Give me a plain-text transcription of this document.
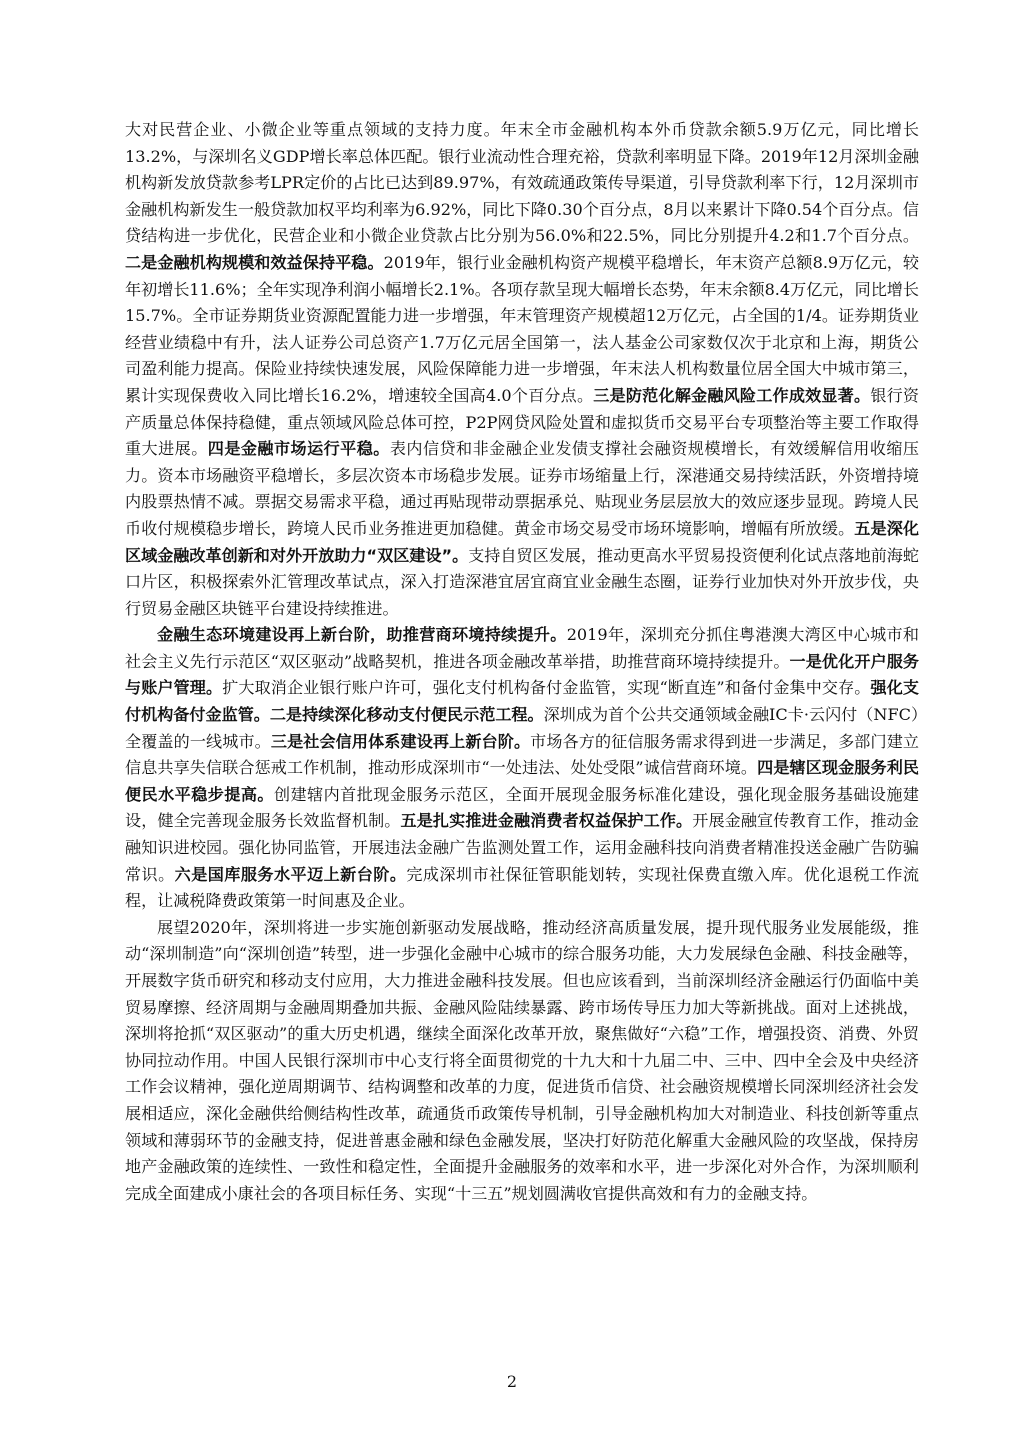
大对民营企业、小微企业等重点领域的支持力度。年末全市金融机构本外币贷款余额5.9万亿元，同比增长13.2%，与深圳名义GDP增长率总体匹配。银行业流动性合理充裕，贷款利率明显下降。2019年12月深圳金融机构新发放贷款参考LPR定价的占比已达到89.97%，有效疏通政策传导渠道，引导贷款利率下行，12月深圳市金融机构新发生一般贷款加权平均利率为6.92%，同比下降0.30个百分点，8月以来累计下降0.54个百分点。信贷结构进一步优化，民营企业和小微企业贷款占比分别为56.0%和22.5%，同比分别提升4.2和1.7个百分点。二是金融机构规模和效益保持平稳。2019年，银行业金融机构资产规模平稳增长，年末资产总额8.9万亿元，较年初增长11.6%；全年实现净利润小幅增长2.1%。各项存款呈现大幅增长态势，年末余额8.4万亿元，同比增长15.7%。全市证券期货业资源配置能力进一步增强，年末管理资产规模超12万亿元，占全国的1/4。证券期货业经营业绩稳中有升，法人证券公司总资产1.7万亿元居全国第一，法人基金公司家数仅次于北京和上海，期货公司盈利能力提高。保险业持续快速发展，风险保障能力进一步增强，年末法人机构数量位居全国大中城市第三，累计实现保费收入同比增长16.2%，增速较全国高4.0个百分点。三是防范化解金融风险工作成效显著。银行资产质量总体保持稳健，重点领域风险总体可控，P2P网贷风险处置和虚拟货币交易平台专项整治等主要工作取得重大进展。四是金融市场运行平稳。表内信贷和非金融企业发债支撑社会融资规模增长，有效缓解信用收缩压力。资本市场融资平稳增长，多层次资本市场稳步发展。证券市场缩量上行，深港通交易持续活跃，外资增持境内股票热情不减。票据交易需求平稳，通过再贴现带动票据承兑、贴现业务层层放大的效应逐步显现。跨境人民币收付规模稳步增长，跨境人民币业务推进更加稳健。黄金市场交易受市场环境影响，增幅有所放缓。五是深化区域金融改革创新和对外开放助力“双区建设”。支持自贸区发展，推动更高水平贸易投资便利化试点落地前海蛇口片区，积极探索外汇管理改革试点，深入打造深港宜居宜商宜业金融生态圈，证券行业加快对外开放步伐，央行贸易金融区块链平台建设持续推进。

金融生态环境建设再上新台阶，助推营商环境持续提升。2019年，深圳充分抓住粤港澳大湾区中心城市和社会主义先行示范区“双区驱动”战略契机，推进各项金融改革举措，助推营商环境持续提升。一是优化开户服务与账户管理。扩大取消企业银行账户许可，强化支付机构备付金监管，实现“断直连”和备付金集中交存。强化支付机构备付金监管。二是持续深化移动支付便民示范工程。深圳成为首个公共交通领域金融IC卡·云闪付（NFC）全覆盖的一线城市。三是社会信用体系建设再上新台阶。市场各方的征信服务需求得到进一步满足，多部门建立信息共享失信联合惩戒工作机制，推动形成深圳市“一处违法、处处受限”诚信营商环境。四是辖区现金服务利民便民水平稳步提高。创建辖内首批现金服务示范区，全面开展现金服务标准化建设，强化现金服务基础设施建设，健全完善现金服务长效监督机制。五是扎实推进金融消费者权益保护工作。开展金融宣传教育工作，推动金融知识进校园。强化协同监管，开展违法金融广告监测处置工作，运用金融科技向消费者精准投送金融广告防骗常识。六是国库服务水平迈上新台阶。完成深圳市社保征管职能划转，实现社保费直缴入库。优化退税工作流程，让减税降费政策第一时间惠及企业。

展望2020年，深圳将进一步实施创新驱动发展战略，推动经济高质量发展，提升现代服务业发展能级，推动“深圳制造”向“深圳创造”转型，进一步强化金融中心城市的综合服务功能，大力发展绿色金融、科技金融等，开展数字货币研究和移动支付应用，大力推进金融科技发展。但也应该看到，当前深圳经济金融运行仍面临中美贸易摩擦、经济周期与金融周期叠加共振、金融风险陆续暴露、跨市场传导压力加大等新挑战。面对上述挑战，深圳将抢抓“双区驱动”的重大历史机遇，继续全面深化改革开放，聚焦做好“六稳”工作，增强投资、消费、外贸协同拉动作用。中国人民银行深圳市中心支行将全面贯彻党的十九大和十九届二中、三中、四中全会及中央经济工作会议精神，强化逆周期调节、结构调整和改革的力度，促进货币信贷、社会融资规模增长同深圳经济社会发展相适应，深化金融供给侧结构性改革，疏通货币政策传导机制，引导金融机构加大对制造业、科技创新等重点领域和薄弱环节的金融支持，促进普惠金融和绿色金融发展，坚决打好防范化解重大金融风险的攻坚战，保持房地产金融政策的连续性、一致性和稳定性，全面提升金融服务的效率和水平，进一步深化对外合作，为深圳顺利完成全面建成小康社会的各项目标任务、实现“十三五”规划圆满收官提供高效和有力的金融支持。

2
